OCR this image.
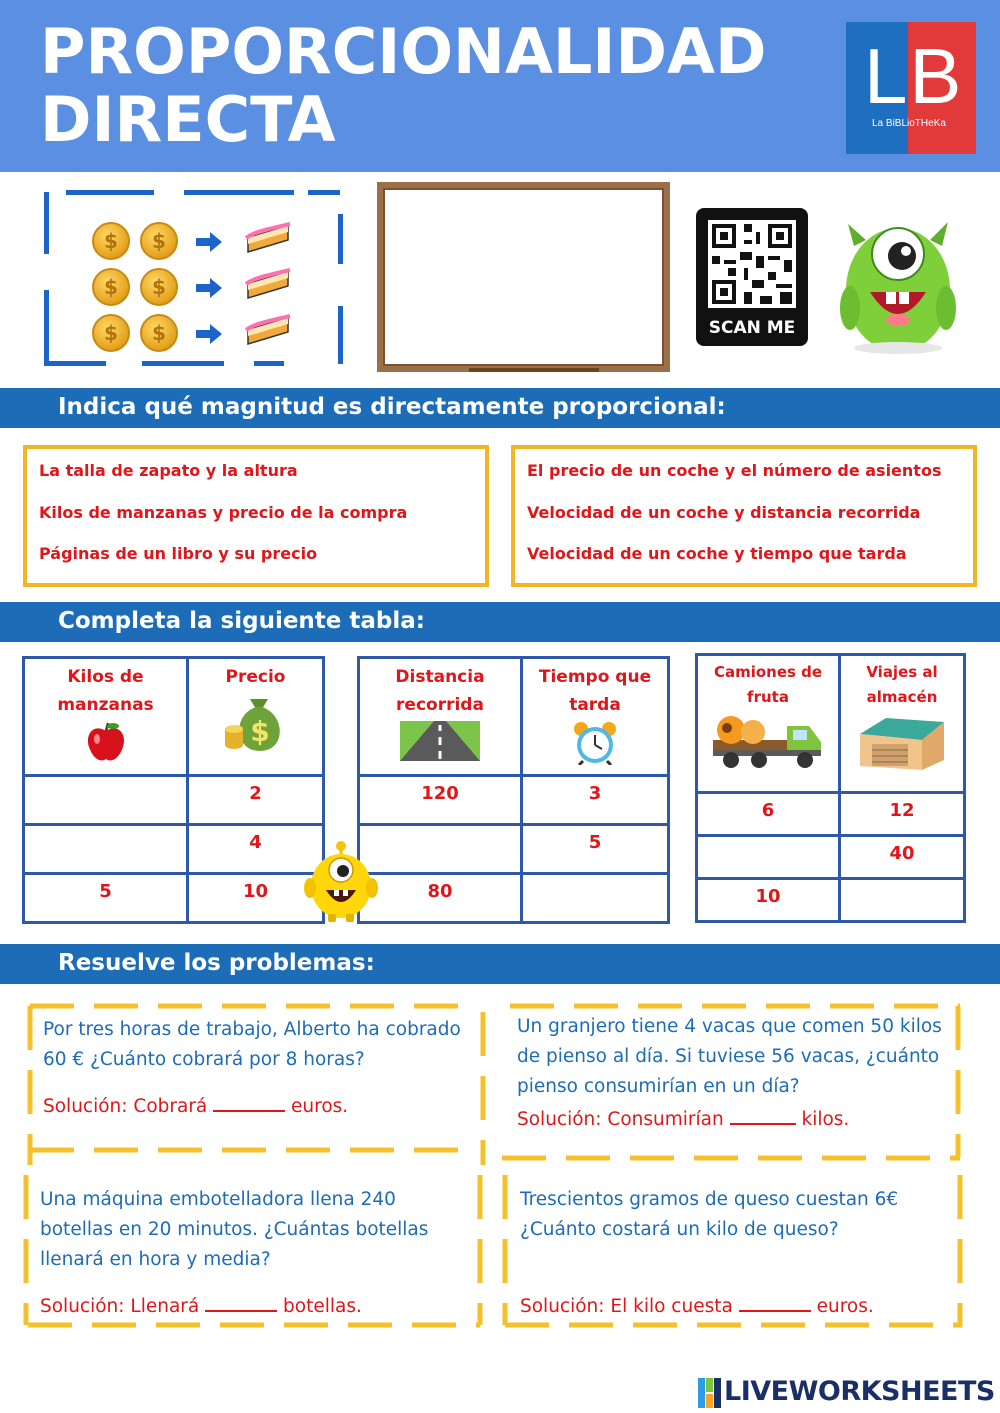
PROPORCIONALIDAD
DIRECTA	LB
La BiBLioTHeKa
$
$
$
$
$
$
SCAN ME
Indica qué magnitud es directamente proporcional:
La talla de zapato y la altura
Kilos de manzanas y precio de la compra
Páginas de un libro y su precio
El precio de un coche y el número de asientos
Velocidad de un coche y distancia recorrida
Velocidad de un coche y tiempo que tarda
Completa la siguiente tabla:
Kilos de manzanas	Precio
$

	2
	4
5	10
Distancia recorrida	Tiempo que tarda

120	3
	5
80	
Camiones de fruta	Viajes al almacén

6	12
	40
10	
Resuelve los problemas:
Por tres horas de trabajo, Alberto ha cobrado 60 € ¿Cuánto cobrará por 8 horas?
Solución: Cobrará	euros.
Un granjero tiene 4 vacas que comen 50 kilos de pienso al día. Si tuviese 56 vacas, ¿cuánto pienso consumirían en un día?
Solución: Consumirían	kilos.
Una máquina embotelladora llena 240 botellas en 20 minutos. ¿Cuántas botellas llenará en hora y media?
Solución: Llenará	botellas.
Trescientos gramos de queso cuestan 6€ ¿Cuánto costará un kilo de queso?
Solución: El kilo cuesta	euros.
LIVEWORKSHEETS
